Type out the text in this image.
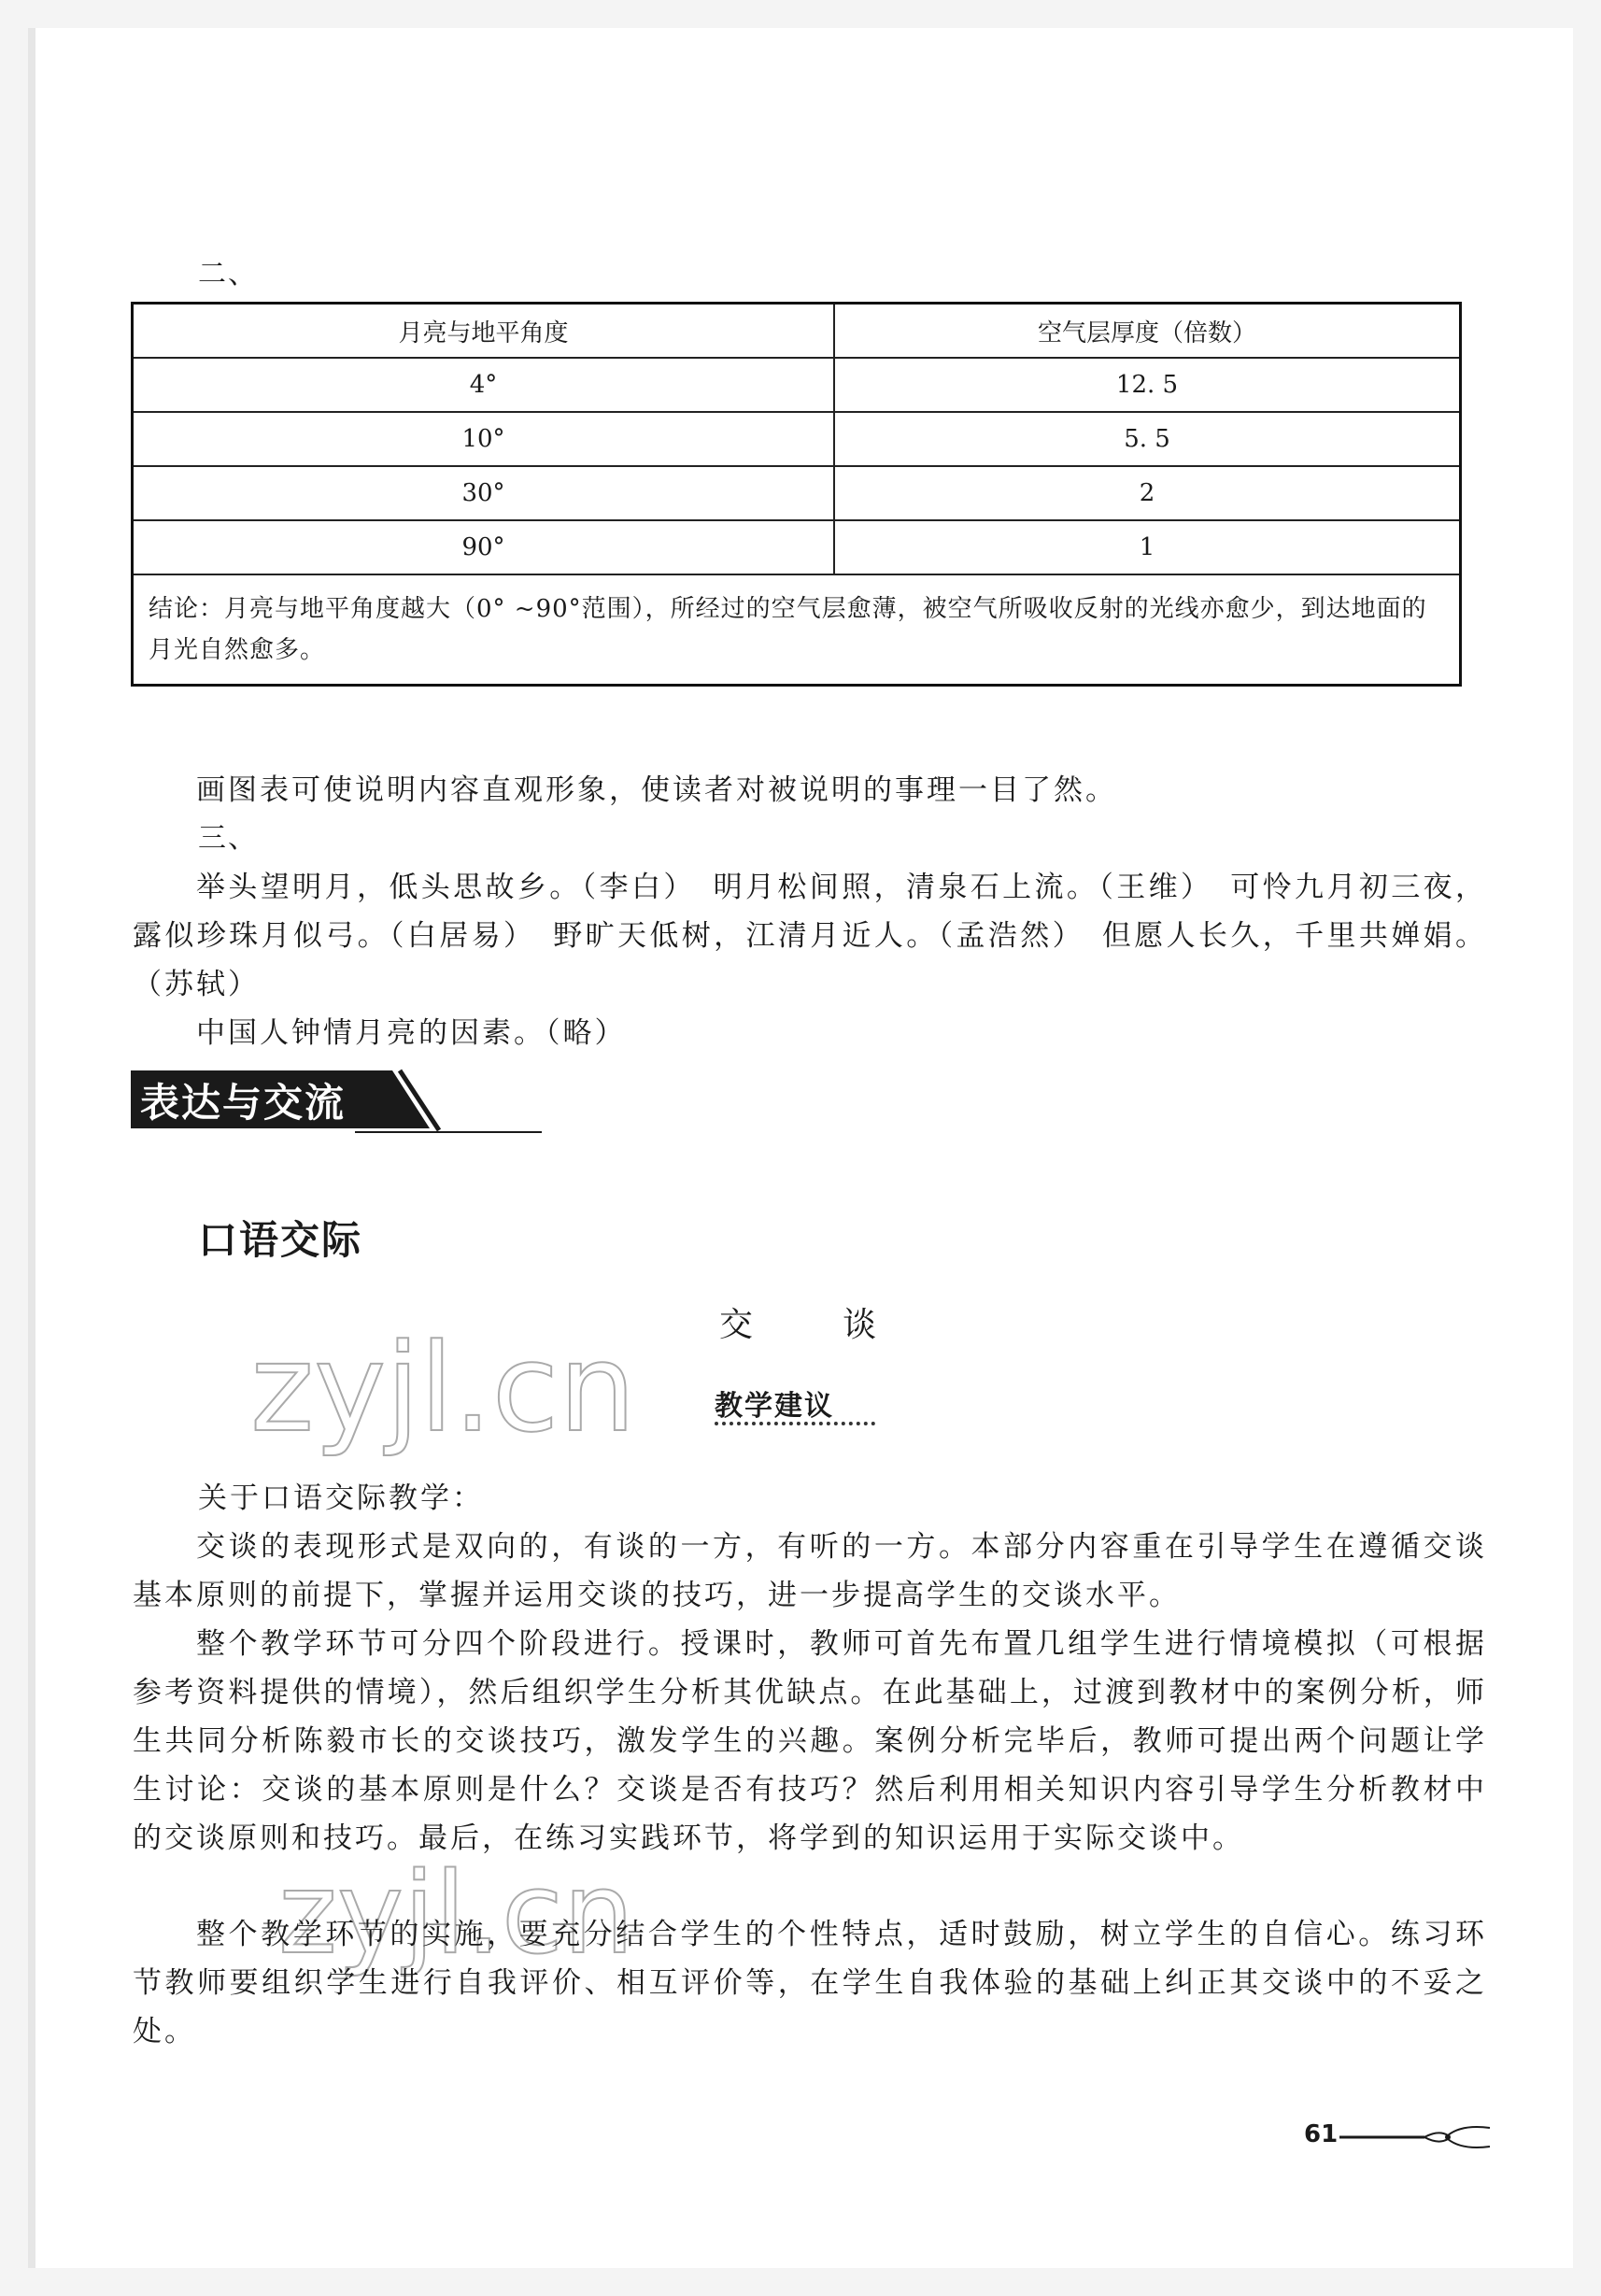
二、
月亮与地平角度	空气层厚度（倍数）
4°	12. 5
10°	5. 5
30°	2
90°	1
结论：月亮与地平角度越大（0° ~90°范围），所经过的空气层愈薄，被空气所吸收反射的光线亦愈少，到达地面的月光自然愈多。	
画图表可使说明内容直观形象，使读者对被说明的事理一目了然。
三、
举头望明月，低头思故乡。（李白）　明月松间照，清泉石上流。（王维）　可怜九月初三夜，露似珍珠月似弓。（白居易）　野旷天低树，江清月近人。（孟浩然）　但愿人长久，千里共婵娟。（苏轼）
中国人钟情月亮的因素。（略）
表达与交流
口语交际
交　谈
教学建议
zyjl.cn
zyjl.cn
关于口语交际教学：
交谈的表现形式是双向的，有谈的一方，有听的一方。本部分内容重在引导学生在遵循交谈基本原则的前提下，掌握并运用交谈的技巧，进一步提高学生的交谈水平。
整个教学环节可分四个阶段进行。授课时，教师可首先布置几组学生进行情境模拟（可根据参考资料提供的情境），然后组织学生分析其优缺点。在此基础上，过渡到教材中的案例分析，师生共同分析陈毅市长的交谈技巧，激发学生的兴趣。案例分析完毕后，教师可提出两个问题让学生讨论：交谈的基本原则是什么？交谈是否有技巧？然后利用相关知识内容引导学生分析教材中的交谈原则和技巧。最后，在练习实践环节，将学到的知识运用于实际交谈中。
整个教学环节的实施，要充分结合学生的个性特点，适时鼓励，树立学生的自信心。练习环节教师要组织学生进行自我评价、相互评价等，在学生自我体验的基础上纠正其交谈中的不妥之处。
61
